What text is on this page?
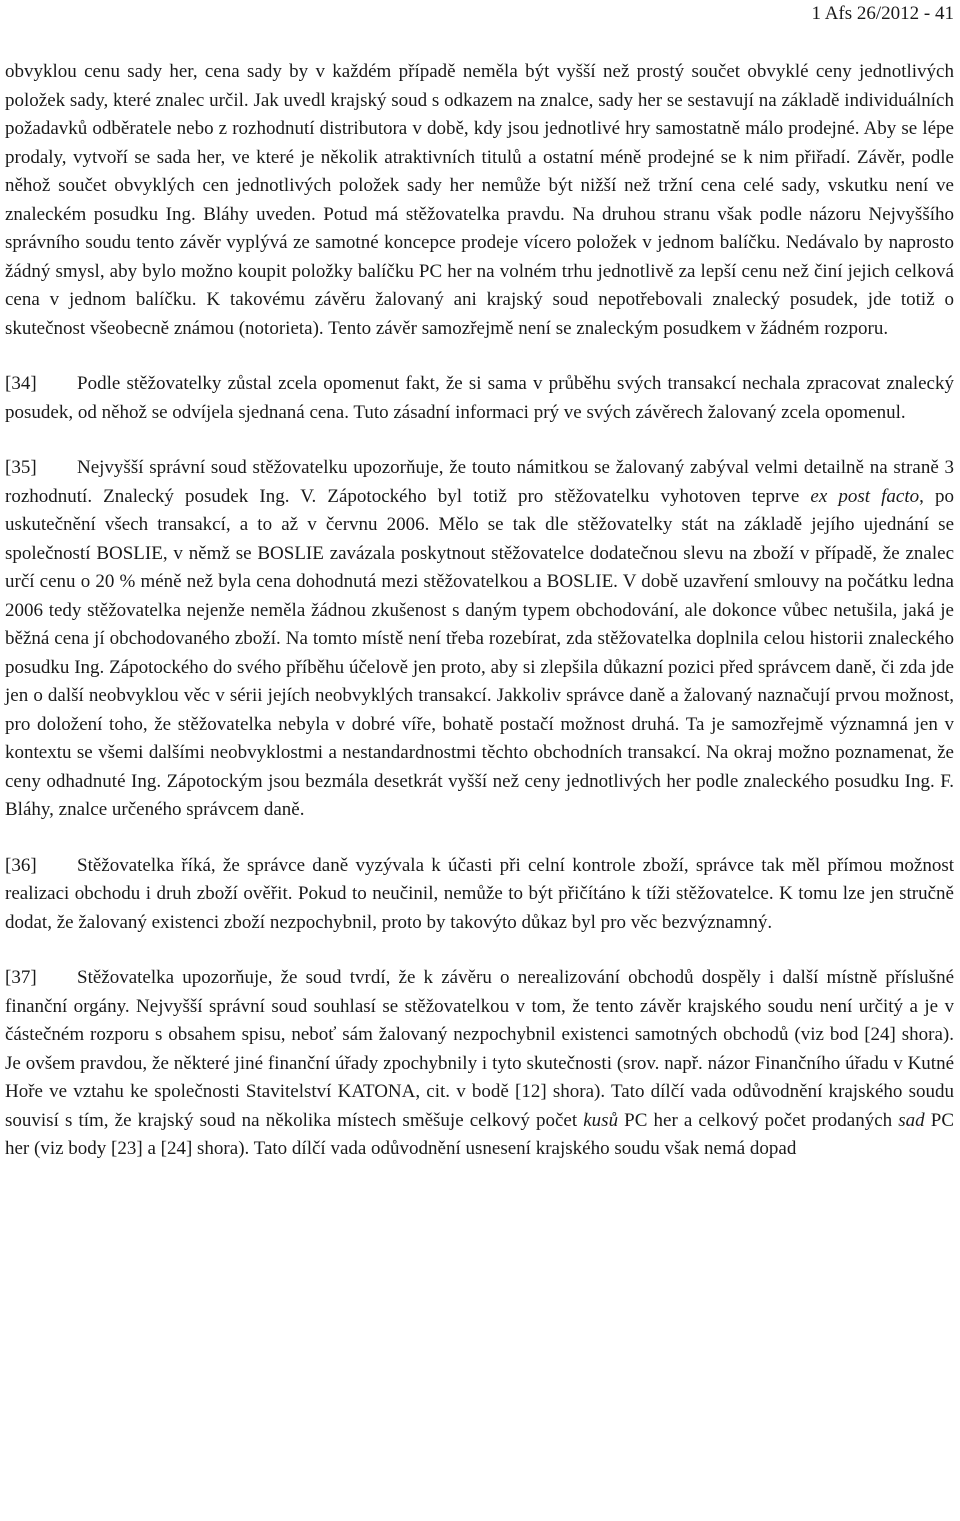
1 Afs 26/2012 - 41

obvyklou cenu sady her, cena sady by v každém případě neměla být vyšší než prostý součet obvyklé ceny jednotlivých položek sady, které znalec určil. Jak uvedl krajský soud s odkazem na znalce, sady her se sestavují na základě individuálních požadavků odběratele nebo z rozhodnutí distributora v době, kdy jsou jednotlivé hry samostatně málo prodejné. Aby se lépe prodaly, vytvoří se sada her, ve které je několik atraktivních titulů a ostatní méně prodejné se k nim přiřadí. Závěr, podle něhož součet obvyklých cen jednotlivých položek sady her nemůže být nižší než tržní cena celé sady, vskutku není ve znaleckém posudku Ing. Bláhy uveden. Potud má stěžovatelka pravdu. Na druhou stranu však podle názoru Nejvyššího správního soudu tento závěr vyplývá ze samotné koncepce prodeje vícero položek v jednom balíčku. Nedávalo by naprosto žádný smysl, aby bylo možno koupit položky balíčku PC her na volném trhu jednotlivě za lepší cenu než činí jejich celková cena v jednom balíčku. K takovému závěru žalovaný ani krajský soud nepotřebovali znalecký posudek, jde totiž o skutečnost všeobecně známou (notorieta). Tento závěr samozřejmě není se znaleckým posudkem v žádném rozporu.

[34] Podle stěžovatelky zůstal zcela opomenut fakt, že si sama v průběhu svých transakcí nechala zpracovat znalecký posudek, od něhož se odvíjela sjednaná cena. Tuto zásadní informaci prý ve svých závěrech žalovaný zcela opomenul.

[35] Nejvyšší správní soud stěžovatelku upozorňuje, že touto námitkou se žalovaný zabýval velmi detailně na straně 3 rozhodnutí. Znalecký posudek Ing. V. Zápotockého byl totiž pro stěžovatelku vyhotoven teprve ex post facto, po uskutečnění všech transakcí, a to až v červnu 2006. Mělo se tak dle stěžovatelky stát na základě jejího ujednání se společností BOSLIE, v němž se BOSLIE zavázala poskytnout stěžovatelce dodatečnou slevu na zboží v případě, že znalec určí cenu o 20 % méně než byla cena dohodnutá mezi stěžovatelkou a BOSLIE. V době uzavření smlouvy na počátku ledna 2006 tedy stěžovatelka nejenže neměla žádnou zkušenost s daným typem obchodování, ale dokonce vůbec netušila, jaká je běžná cena jí obchodovaného zboží. Na tomto místě není třeba rozebírat, zda stěžovatelka doplnila celou historii znaleckého posudku Ing. Zápotockého do svého příběhu účelově jen proto, aby si zlepšila důkazní pozici před správcem daně, či zda jde jen o další neobvyklou věc v sérii jejích neobvyklých transakcí. Jakkoliv správce daně a žalovaný naznačují prvou možnost, pro doložení toho, že stěžovatelka nebyla v dobré víře, bohatě postačí možnost druhá. Ta je samozřejmě významná jen v kontextu se všemi dalšími neobvyklostmi a nestandardnostmi těchto obchodních transakcí. Na okraj možno poznamenat, že ceny odhadnuté Ing. Zápotockým jsou bezmála desetkrát vyšší než ceny jednotlivých her podle znaleckého posudku Ing. F. Bláhy, znalce určeného správcem daně.

[36] Stěžovatelka říká, že správce daně vyzývala k účasti při celní kontrole zboží, správce tak měl přímou možnost realizaci obchodu i druh zboží ověřit. Pokud to neučinil, nemůže to být přičítáno k tíži stěžovatelce. K tomu lze jen stručně dodat, že žalovaný existenci zboží nezpochybnil, proto by takovýto důkaz byl pro věc bezvýznamný.

[37] Stěžovatelka upozorňuje, že soud tvrdí, že k závěru o nerealizování obchodů dospěly i další místně příslušné finanční orgány. Nejvyšší správní soud souhlasí se stěžovatelkou v tom, že tento závěr krajského soudu není určitý a je v částečném rozporu s obsahem spisu, neboť sám žalovaný nezpochybnil existenci samotných obchodů (viz bod [24] shora). Je ovšem pravdou, že některé jiné finanční úřady zpochybnily i tyto skutečnosti (srov. např. názor Finančního úřadu v Kutné Hoře ve vztahu ke společnosti Stavitelství KATONA, cit. v bodě [12] shora). Tato dílčí vada odůvodnění krajského soudu souvisí s tím, že krajský soud na několika místech směšuje celkový počet kusů PC her a celkový počet prodaných sad PC her (viz body [23] a [24] shora). Tato dílčí vada odůvodnění usnesení krajského soudu však nemá dopad
